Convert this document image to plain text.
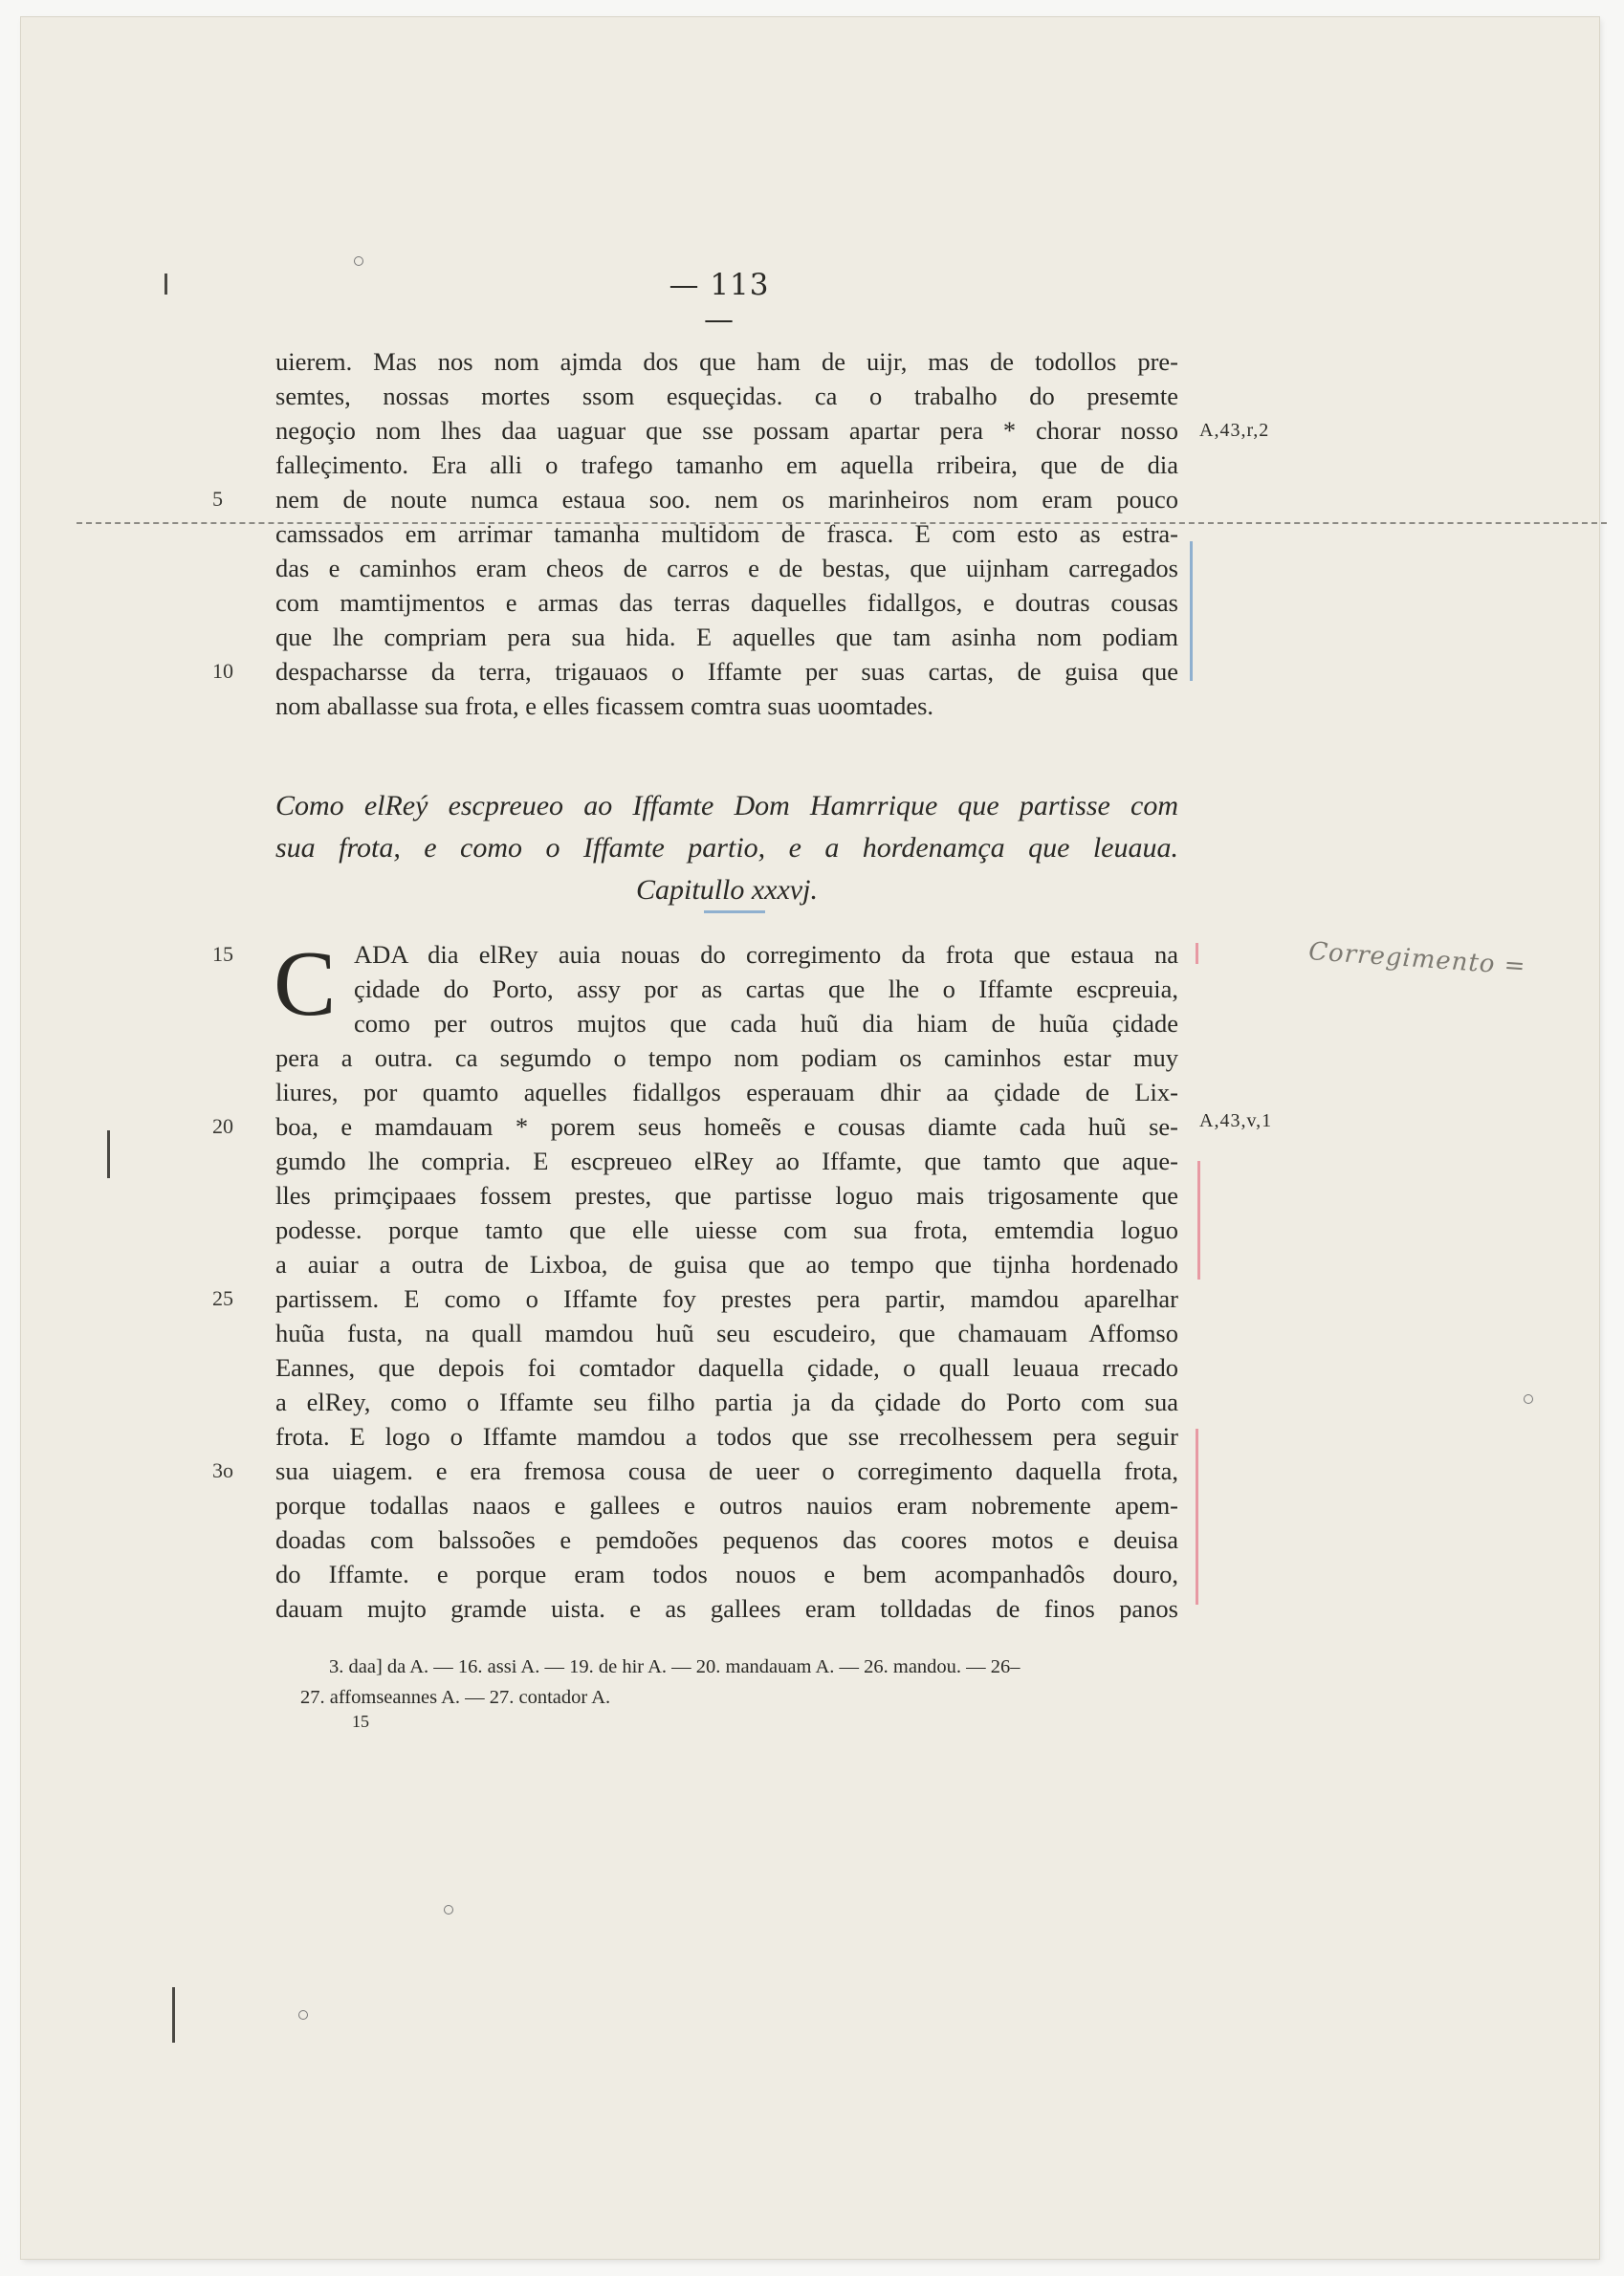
— 113 —
uierem. Mas nos nom ajmda dos que ham de uijr, mas de todollos pre-
semtes, nossas mortes ssom esqueçidas. ca o trabalho do presemte
negoçio nom lhes daa uaguar que sse possam apartar pera * chorar nosso
falleçimento. Era alli o trafego tamanho em aquella rribeira, que de dia
nem de noute numca estaua soo. nem os marinheiros nom eram pouco
camssados em arrimar tamanha multidom de frasca. E com esto as estra-
das e caminhos eram cheos de carros e de bestas, que uijnham carregados
com mamtijmentos e armas das terras daquelles fidallgos, e doutras cousas
que lhe compriam pera sua hida. E aquelles que tam asinha nom podiam
despacharsse da terra, trigauaos o Iffamte per suas cartas, de guisa que
nom aballasse sua frota, e elles ficassem comtra suas uoomtades.
Como elReý escpreueo ao Iffamte Dom Hamrrique que partisse com
sua frota, e como o Iffamte partio, e a hordenamça que leuaua.
Capitullo xxxvj.
C ADA dia elRey auia nouas do corregimento da frota que estaua na
çidade do Porto, assy por as cartas que lhe o Iffamte escpreuia,
como per outros mujtos que cada huũ dia hiam de huũa çidade
pera a outra. ca segumdo o tempo nom podiam os caminhos estar muy
liures, por quamto aquelles fidallgos esperauam dhir aa çidade de Lix-
boa, e mamdauam * porem seus homeẽs e cousas diamte cada huũ se-
gumdo lhe compria. E escpreueo elRey ao Iffamte, que tamto que aque-
lles primçipaaes fossem prestes, que partisse loguo mais trigosamente que
podesse. porque tamto que elle uiesse com sua frota, emtemdia loguo
a auiar a outra de Lixboa, de guisa que ao tempo que tijnha hordenado
partissem. E como o Iffamte foy prestes pera partir, mamdou aparelhar
huũa fusta, na quall mamdou huũ seu escudeiro, que chamauam Affomso
Eannes, que depois foi comtador daquella çidade, o quall leuaua rrecado
a elRey, como o Iffamte seu filho partia ja da çidade do Porto com sua
frota. E logo o Iffamte mamdou a todos que sse rrecolhessem pera seguir
sua uiagem. e era fremosa cousa de ueer o corregimento daquella frota,
porque todallas naaos e gallees e outros nauios eram nobremente apem-
doadas com balssoões e pemdoões pequenos das coores motos e deuisa
do Iffamte. e porque eram todos nouos e bem acompanhadôs douro,
dauam mujto gramde uista. e as gallees eram tolldadas de finos panos
5
10
15
20
25
3o
A,43,r,2
A,43,v,1
Corregimento =
3. daa] da A. — 16. assi A. — 19. de hir A. — 20. mandauam A. — 26. mandou. — 26–
27. affomseannes A. — 27. contador A.
15
